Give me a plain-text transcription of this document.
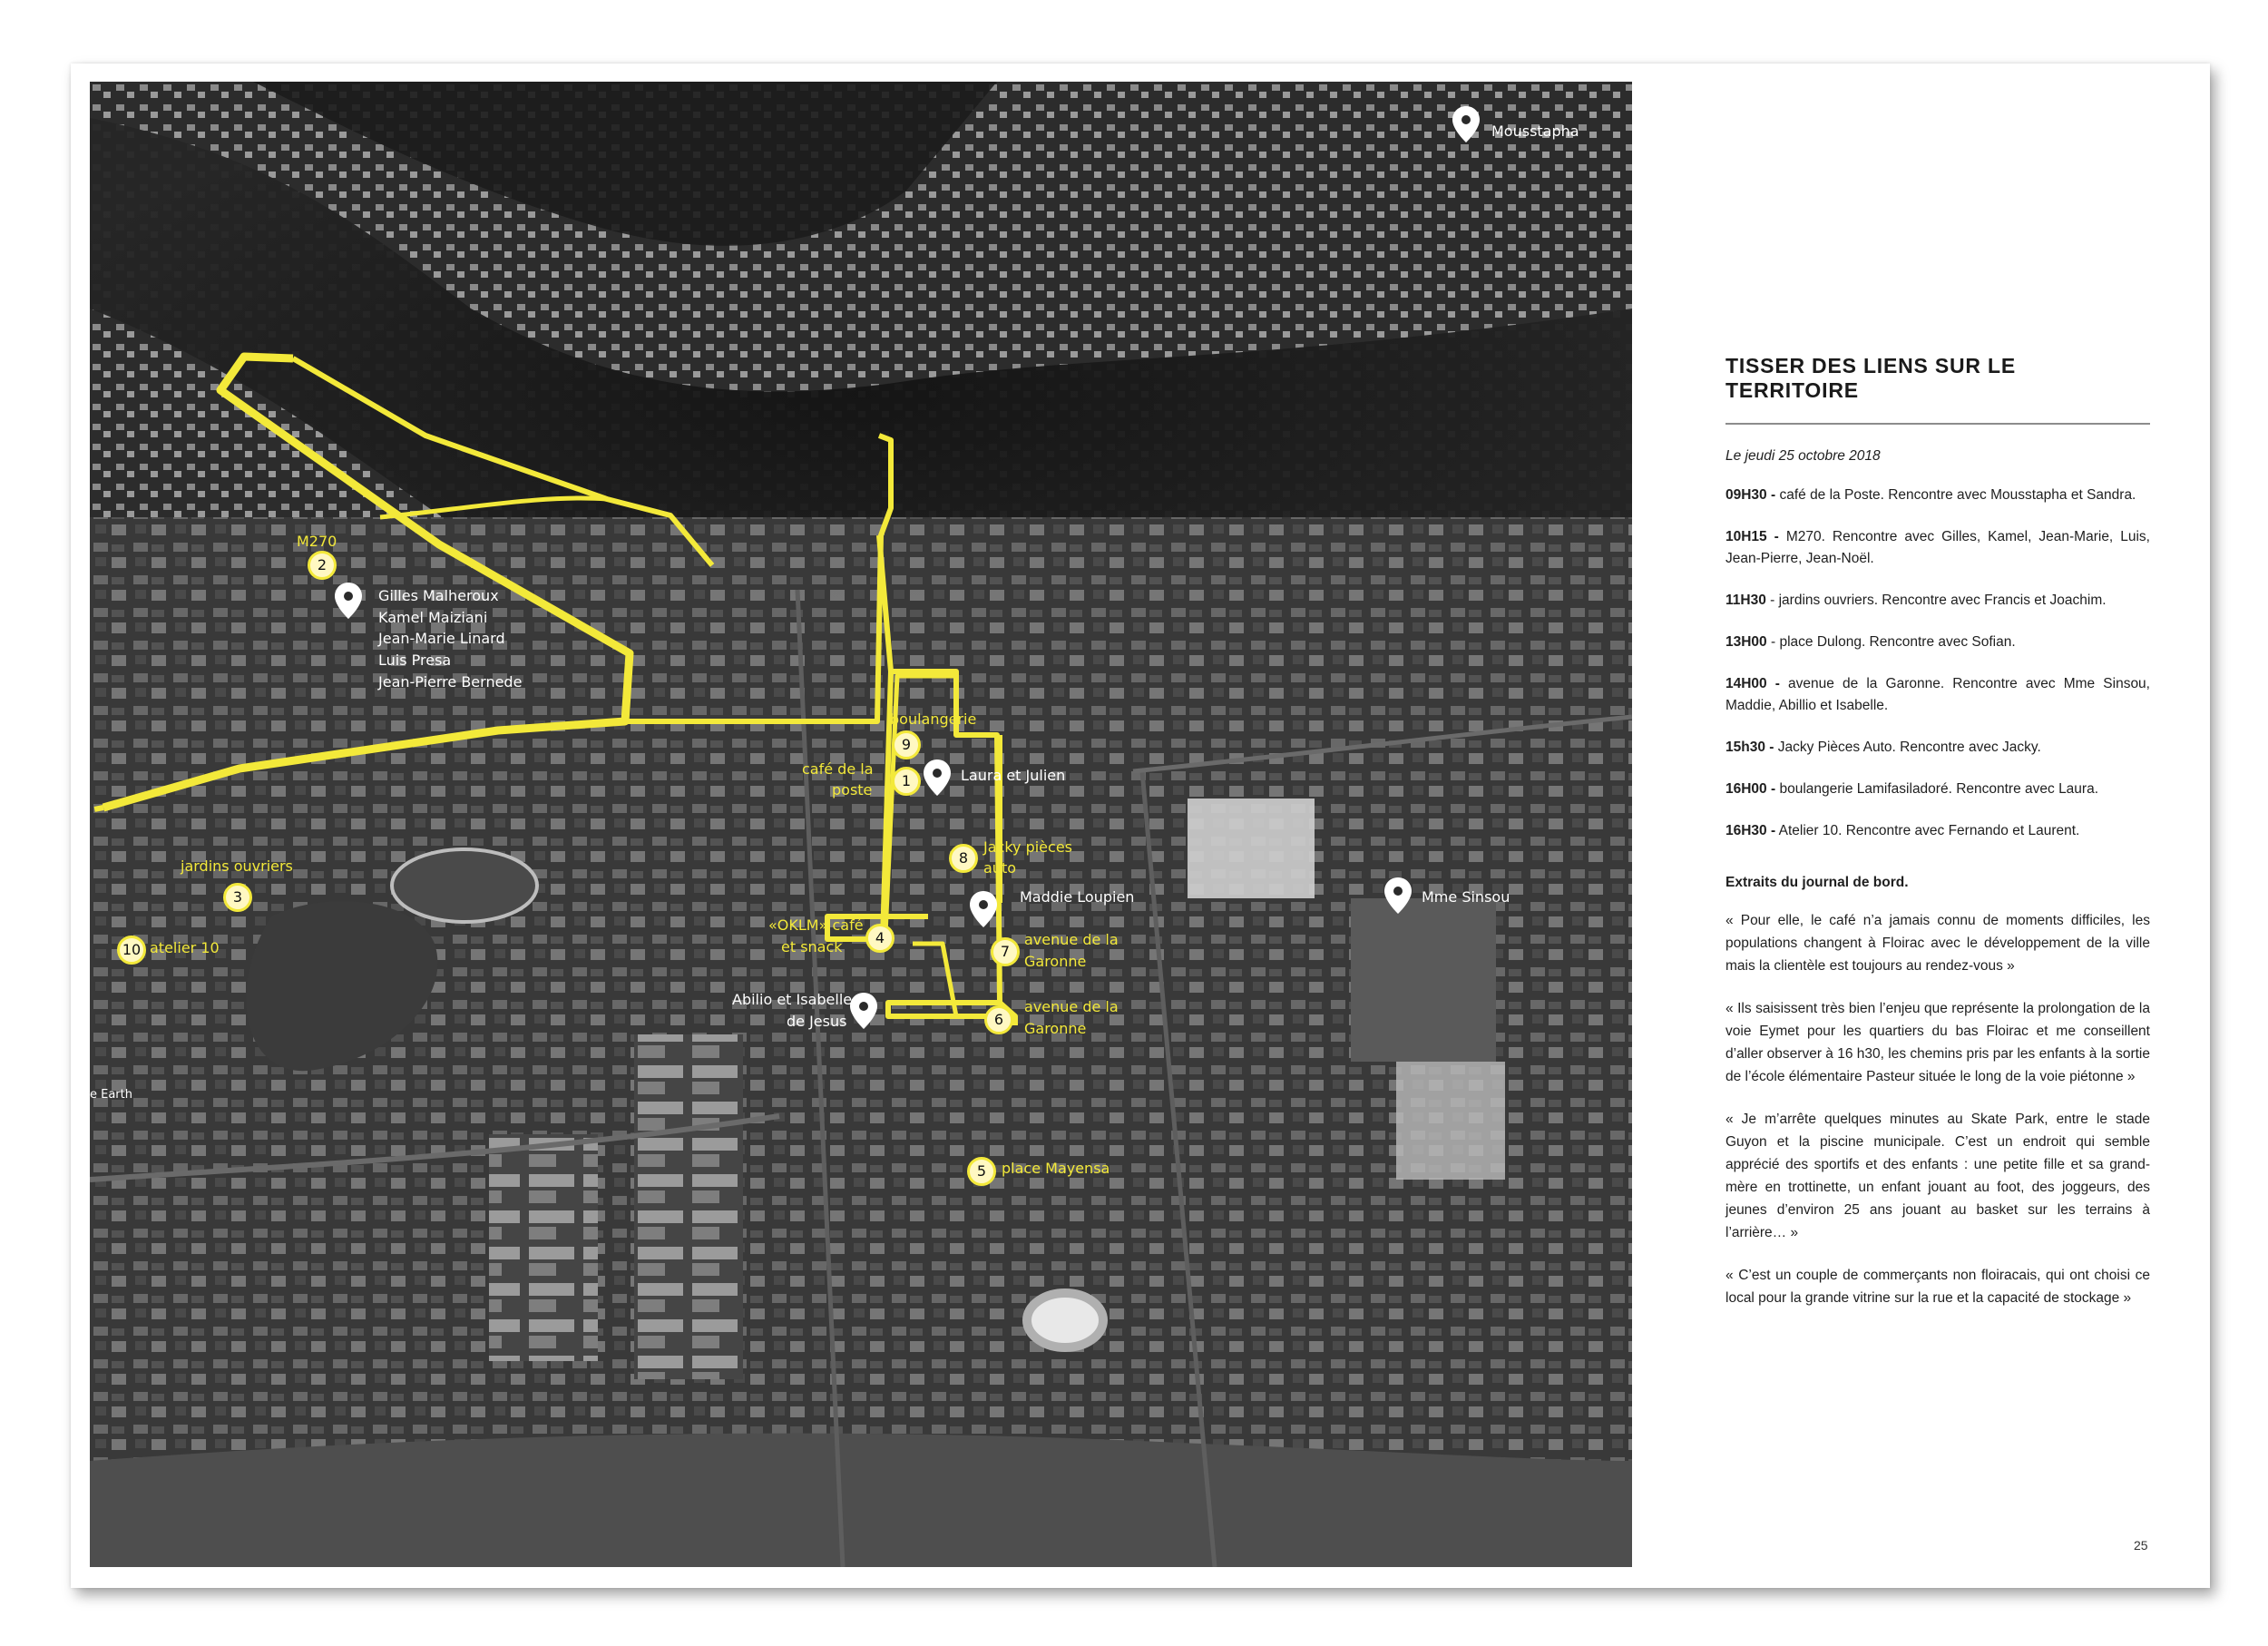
1
2
3
4
5
6
7
8
9
10
Mousstapha
M270
Gilles Malheroux
Kamel Maiziani
Jean-Marie Linard
Luis Presa
Jean-Pierre Bernede
boulangerie
café de la
poste
Laura et Julien
Jacky pièces
auto
jardins ouvriers
atelier 10
Maddie Loupien	Mme Sinsou
«OKLM» café
et snack	avenue de la
Garonne
avenue de la
Garonne
Abilio et Isabelle
de Jesus
place Mayensa
e Earth
TISSER DES LIENS SUR LE TERRITOIRE
Le jeudi 25 octobre 2018
09H30 - café de la Poste. Rencontre avec Mousstapha et Sandra.
10H15 - M270. Rencontre avec Gilles, Kamel, Jean-Marie, Luis, Jean-Pierre, Jean-Noël.
11H30 - jardins ouvriers. Rencontre avec Francis et Joachim.
13H00 - place Dulong. Rencontre avec Sofian.
14H00 - avenue de la Garonne. Rencontre avec Mme Sinsou, Maddie, Abillio et Isabelle.
15h30 - Jacky Pièces Auto. Rencontre avec Jacky.
16H00 - boulangerie Lamifasiladoré. Rencontre avec Laura.
16H30 - Atelier 10. Rencontre avec Fernando et Laurent.
Extraits du journal de bord.
« Pour elle, le café n’a jamais connu de moments difficiles, les populations changent à Floirac avec le développement de la ville mais la clientèle est toujours au rendez-vous »
« Ils saisissent très bien l’enjeu que représente la prolongation de la voie Eymet pour les quartiers du bas Floirac et me conseillent d’aller observer à 16 h30, les chemins pris par les enfants à la sortie de l’école élémentaire Pasteur située le long de la voie piétonne »
« Je m’arrête quelques minutes au Skate Park, entre le stade Guyon et la piscine municipale. C’est un endroit qui semble apprécié des sportifs et des enfants : une petite fille et sa grand-mère en trottinette, un enfant jouant au foot, des joggeurs, des jeunes d’environ 25 ans jouant au basket sur les terrains à l’arrière… »
« C’est un couple de commerçants non floiracais, qui ont choisi ce local pour la grande vitrine sur la rue et la capacité de stockage »
25
